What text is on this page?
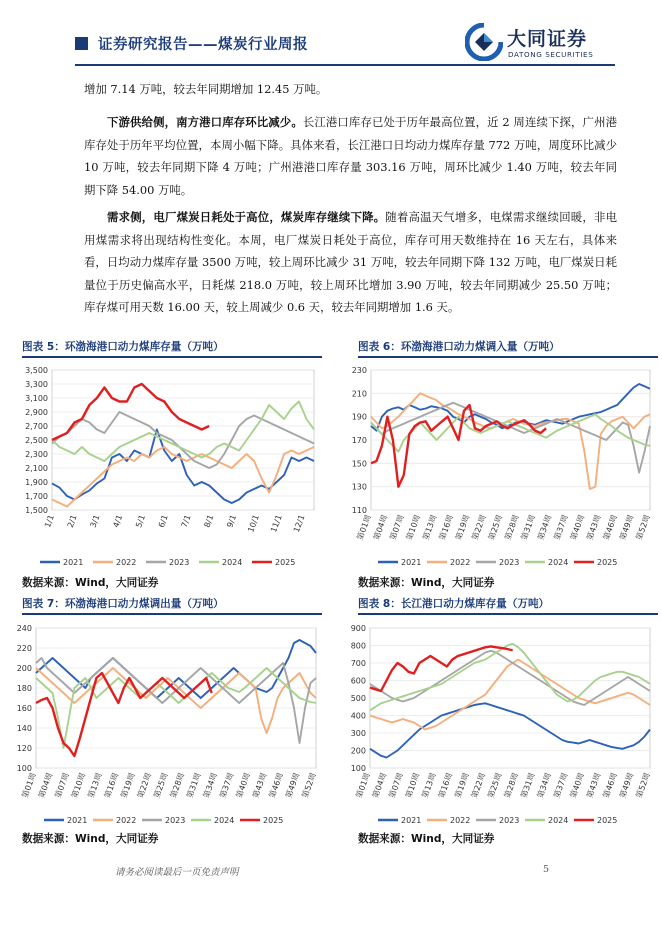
证券研究报告——煤炭行业周报	大同证券
DATONG SECURITIES
增加 7.14 万吨，较去年同期增加 12.45 万吨。
下游供给侧，南方港口库存环比减少。长江港口库存已处于历年最高位置，近 2 周连续下探，广州港库存处于历年平均位置，本周小幅下降。具体来看，长江港口日均动力煤库存量 772 万吨，周度环比减少 10 万吨，较去年同期下降 4 万吨；广州港港口库存量 303.16 万吨，周环比减少 1.40 万吨，较去年同期下降 54.00 万吨。
需求侧，电厂煤炭日耗处于高位，煤炭库存继续下降。随着高温天气增多，电煤需求继续回暖，非电用煤需求将出现结构性变化。本周，电厂煤炭日耗处于高位，库存可用天数维持在 16 天左右，具体来看，日均动力煤库存量 3500 万吨，较上周环比减少 31 万吨，较去年同期下降 132 万吨，电厂煤炭日耗量位于历史偏高水平，日耗煤 218.0 万吨，较上周环比增加 3.90 万吨，较去年同期减少 25.50 万吨；库存煤可用天数 16.00 天，较上周减少 0.6 天，较去年同期增加 1.6 天。
图表 5：环渤海港口动力煤库存量（万吨）
1,500
1,700
1,900
2,100
2,300
2,500
2,700
2,900
3,100
3,300
3,500
1/1 2/1 3/1 4/1 5/1 6/1 7/1 8/1 9/1 10/1 11/1 12/1
2021	2022	2023	2024	2025
数据来源：Wind，大同证券
图表 6：环渤海港口动力煤调入量（万吨）
110
130
150
170
190
210
230
第01周
第04周
第07周
第10周
第13周
第16周
第19周
第22周
第25周
第28周
第31周
第34周
第37周
第40周
第43周
第46周
第49周
第52周
2021	2022	2023	2024	2025
数据来源：Wind，大同证券
图表 7：环渤海港口动力煤调出量（万吨）
100
120
140
160
180
200
220
240
第01周 第04周 第07周 第10周 第13周 第16周 第19周 第22周 第25周 第28周 第31周 第34周 第37周 第40周 第43周 第46周 第49周 第52周
2021	2022	2023	2024	2025
数据来源：Wind，大同证券
图表 8：长江港口动力煤库存量（万吨）
100
200
300
400
500
600
700
800
900
第01周 第04周 第07周 第10周 第13周 第16周 第19周 第22周 第25周 第28周 第31周 第34周 第37周 第40周 第43周 第46周 第49周 第52周
2021	2022	2023	2024	2025
数据来源：Wind，大同证券
请务必阅读最后一页免责声明	5
